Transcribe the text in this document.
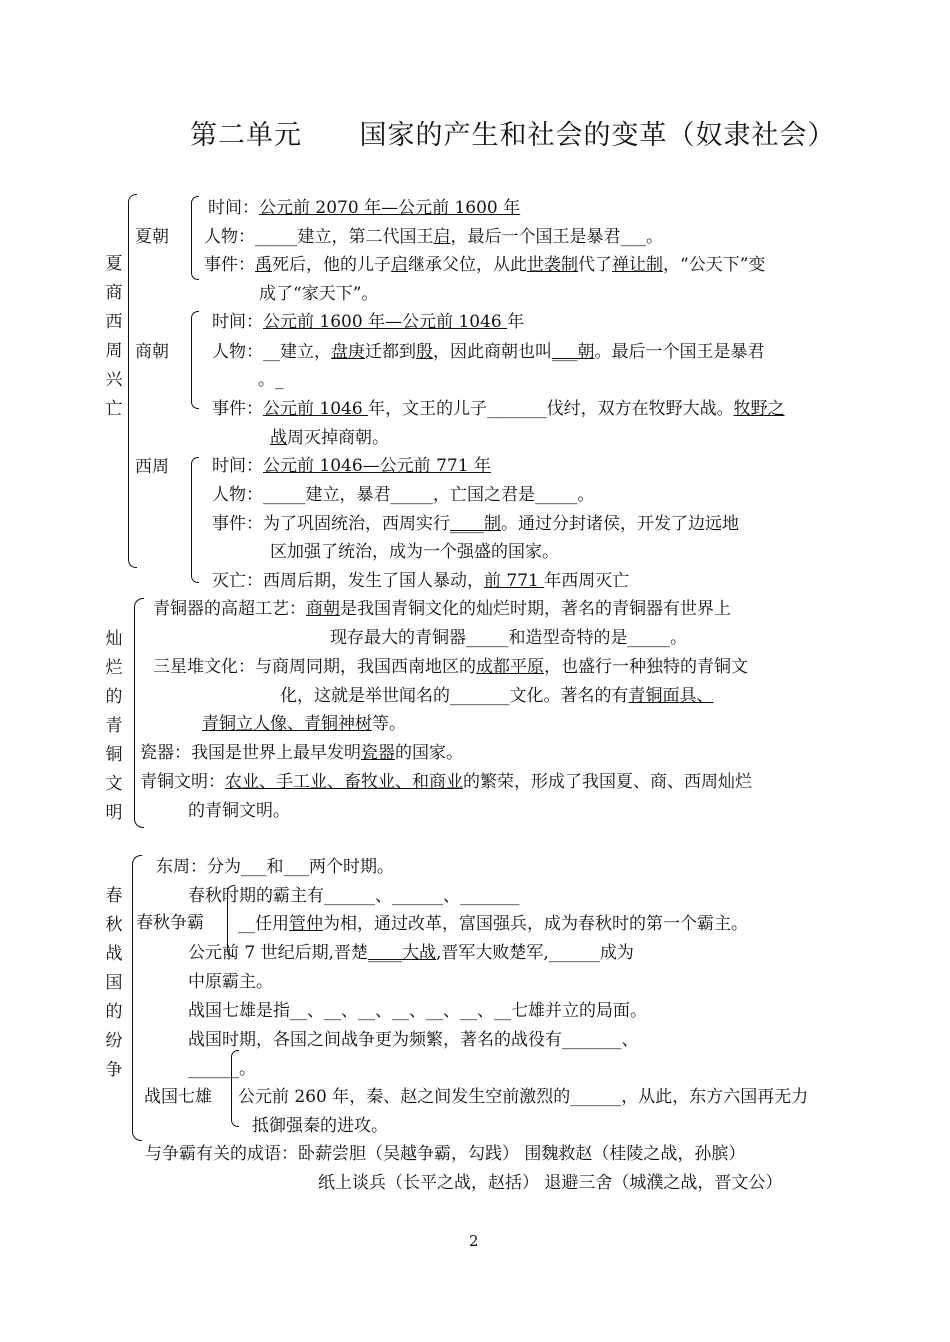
第二单元 国家的产生和社会的变革（奴隶社会）
夏商西周兴亡
夏朝
商朝
西周
时间：公元前 2070 年—公元前 1600 年
人物：_____建立，第二代国王启，最后一个国王是暴君___。
事件：禹死后，他的儿子启继承父位，从此世袭制代了禅让制，“公天下”变
成了“家天下”。
时间：公元前 1600 年—公元前 1046 年
人物：__建立，盘庚迁都到殷，因此商朝也叫___朝。最后一个国王是暴君
。_
事件：公元前 1046 年，文王的儿子_______伐纣，双方在牧野大战。牧野之
战周灭掉商朝。
时间：公元前 1046—公元前 771 年
人物：_____建立，暴君_____，亡国之君是_____。
事件：为了巩固统治，西周实行____制。通过分封诸侯，开发了边远地
区加强了统治，成为一个强盛的国家。
灭亡：西周后期，发生了国人暴动，前 771 年西周灭亡
灿烂的青铜文明
青铜器的高超工艺：商朝是我国青铜文化的灿烂时期，著名的青铜器有世界上
现存最大的青铜器_____和造型奇特的是_____。
三星堆文化：与商周同期，我国西南地区的成都平原，也盛行一种独特的青铜文
化，这就是举世闻名的_______文化。著名的有青铜面具、
青铜立人像、青铜神树等。
瓷器：我国是世界上最早发明瓷器的国家。
青铜文明：农业、手工业、畜牧业、和商业的繁荣，形成了我国夏、商、西周灿烂
的青铜文明。
春秋战国的纷争
东周：分为___和___两个时期。
春秋争霸
春秋时期的霸主有______、______、_______
__任用管仲为相，通过改革，富国强兵，成为春秋时的第一个霸主。
公元前 7 世纪后期,晋楚____大战,晋军大败楚军,______成为
中原霸主。
战国七雄是指__、__、__、__、__、__、__七雄并立的局面。
战国时期，各国之间战争更为频繁，著名的战役有_______、
______。
战国七雄 公元前 260 年，秦、赵之间发生空前激烈的______，从此，东方六国再无力
抵御强秦的进攻。
与争霸有关的成语：卧薪尝胆（吴越争霸，勾践） 围魏救赵（桂陵之战，孙膑）
纸上谈兵（长平之战，赵括） 退避三舍（城濮之战，晋文公）
2
